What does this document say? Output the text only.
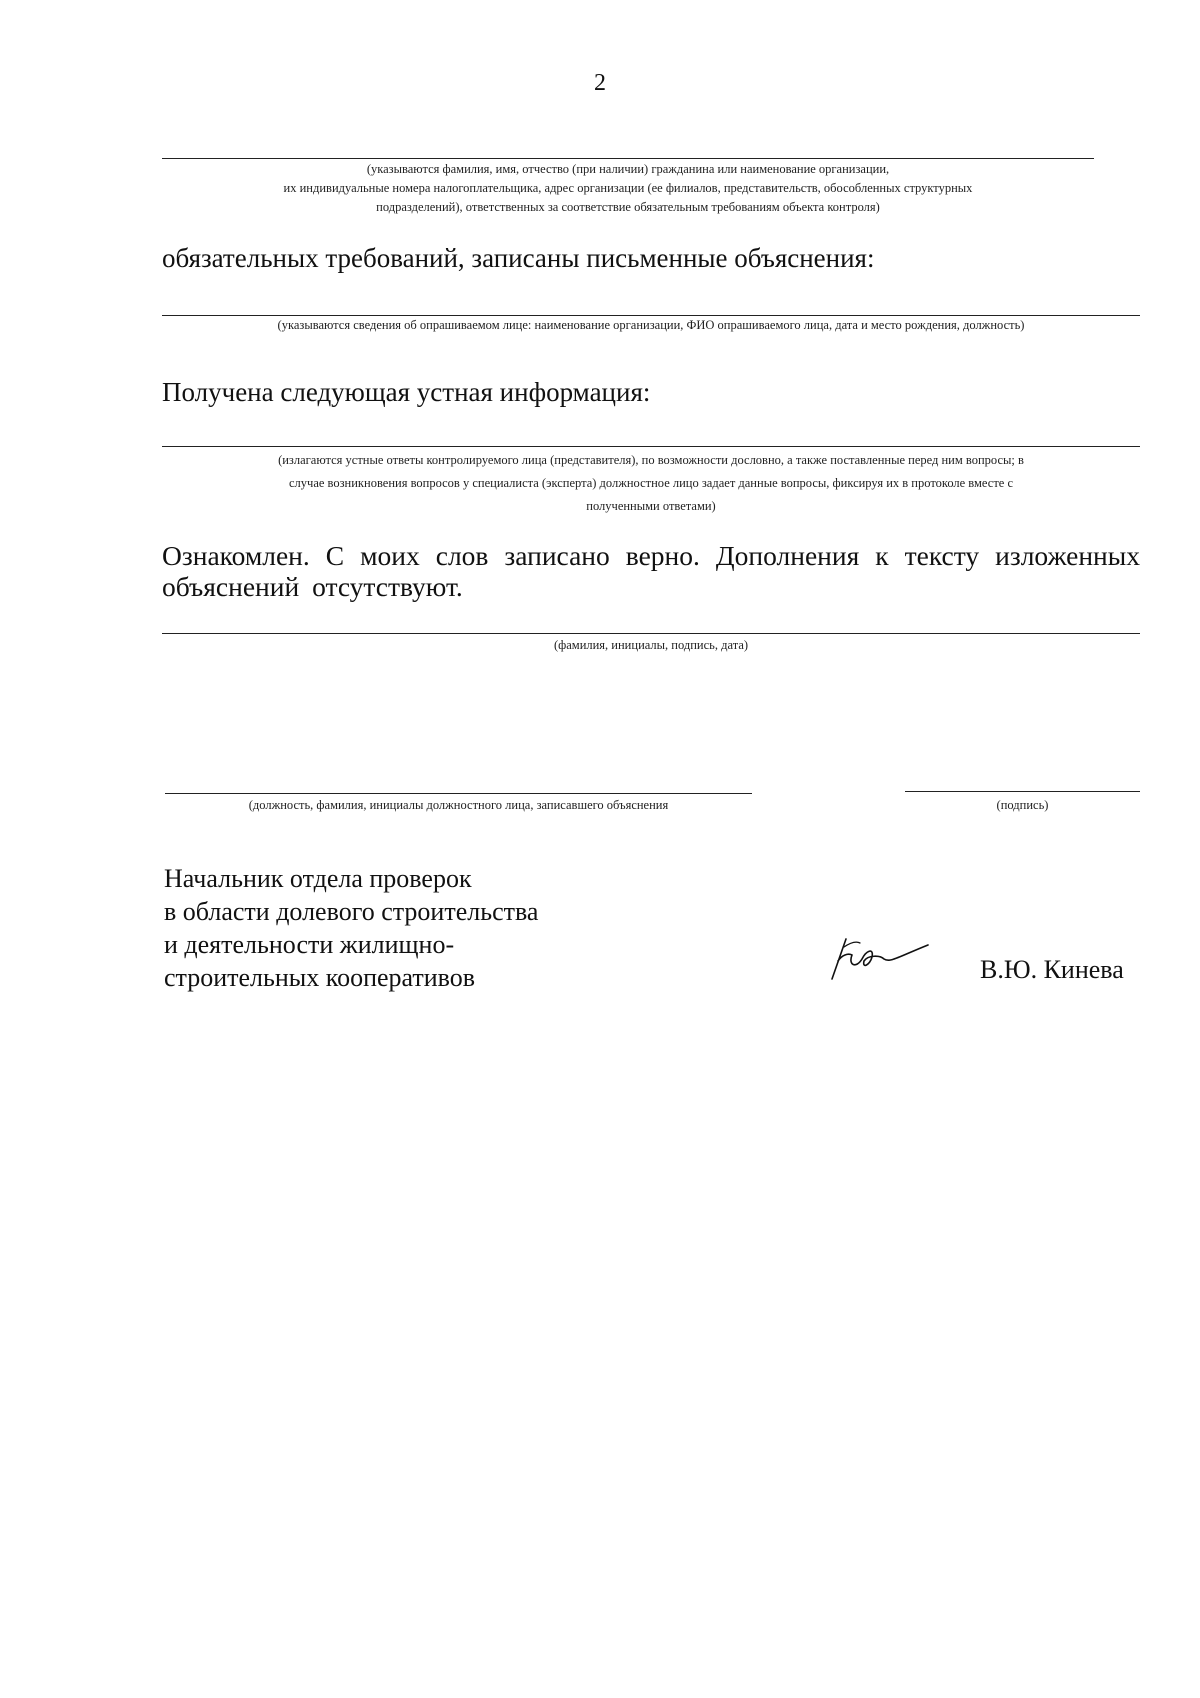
2
(указываются фамилия, имя, отчество (при наличии) гражданина или наименование организации,
их индивидуальные номера налогоплательщика, адрес организации (ее филиалов, представительств, обособленных структурных
подразделений), ответственных за соответствие обязательным требованиям объекта контроля)
обязательных требований, записаны письменные объяснения:
(указываются сведения об опрашиваемом лице: наименование организации, ФИО опрашиваемого лица, дата и место рождения, должность)
Получена следующая устная информация:
(излагаются устные ответы контролируемого лица (представителя), по возможности дословно, а также поставленные перед ним вопросы; в
случае возникновения вопросов у специалиста (эксперта) должностное лицо задает данные вопросы, фиксируя их в протоколе вместе с
полученными ответами)
Ознакомлен. С моих слов записано верно. Дополнения к тексту изложенных объяснений отсутствуют.
(фамилия, инициалы, подпись, дата)
(должность, фамилия, инициалы должностного лица, записавшего объяснения	(подпись)
Начальник отдела проверок
в области долевого строительства
и деятельности жилищно-
строительных кооперативов	В.Ю. Кинева
